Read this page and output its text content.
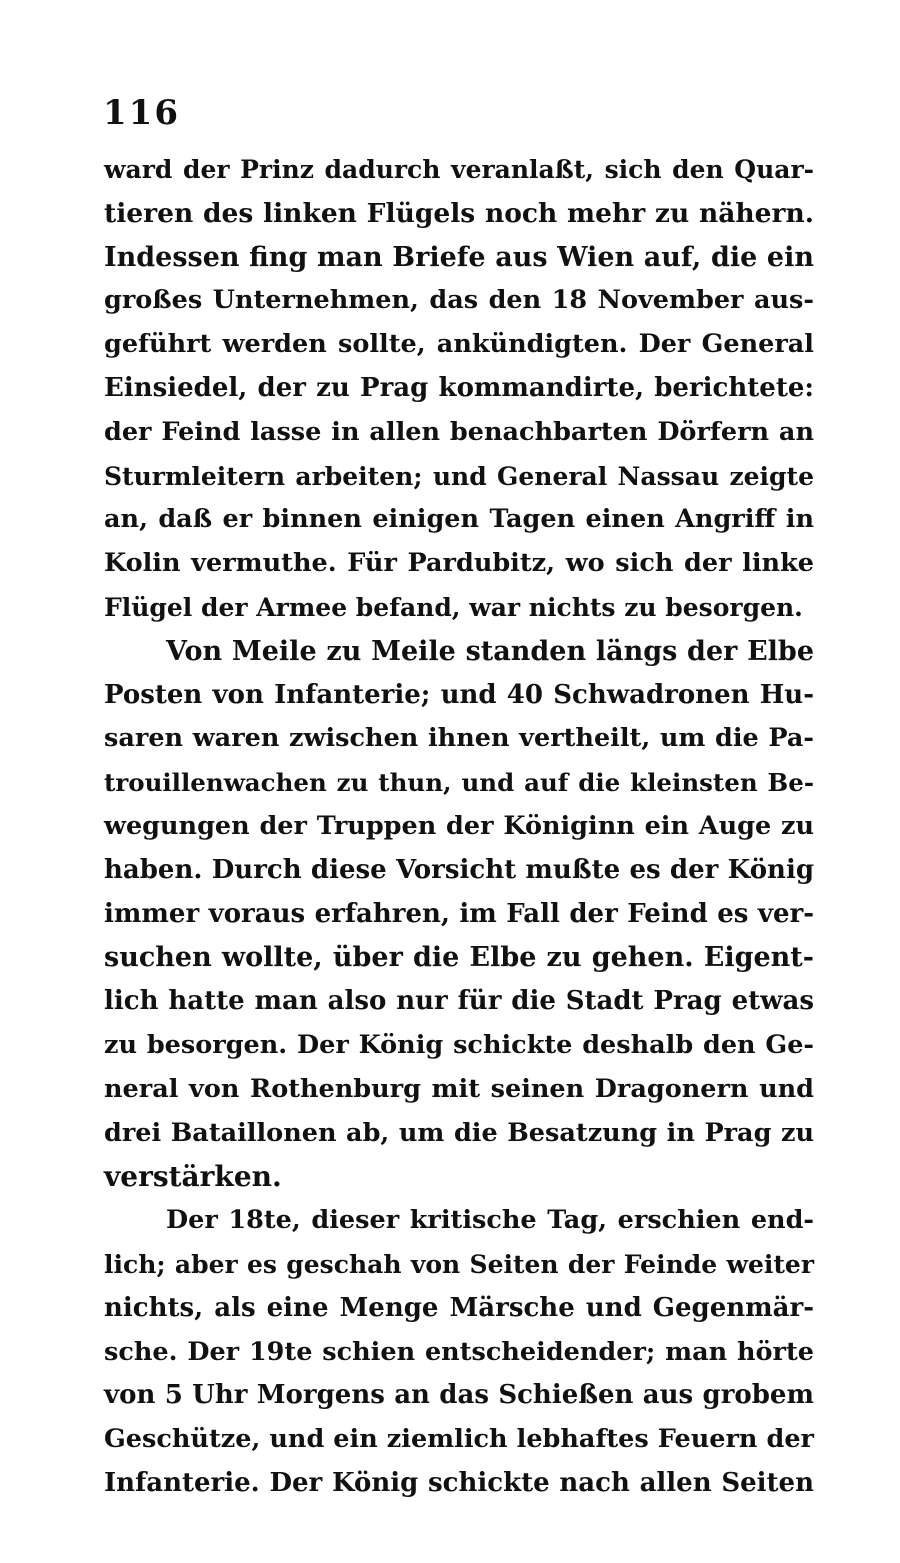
116
ward der Prinz dadurch veranlaßt, sich den Quar-
tieren des linken Flügels noch mehr zu nähern.
Indessen fing man Briefe aus Wien auf, die ein
großes Unternehmen, das den 18 November aus-
geführt werden sollte, ankündigten. Der General
Einsiedel, der zu Prag kommandirte, berichtete:
der Feind lasse in allen benachbarten Dörfern an
Sturmleitern arbeiten; und General Nassau zeigte
an, daß er binnen einigen Tagen einen Angriff in
Kolin vermuthe. Für Pardubitz, wo sich der linke
Flügel der Armee befand, war nichts zu besorgen.
Von Meile zu Meile standen längs der Elbe
Posten von Infanterie; und 40 Schwadronen Hu-
saren waren zwischen ihnen vertheilt, um die Pa-
trouillenwachen zu thun, und auf die kleinsten Be-
wegungen der Truppen der Königinn ein Auge zu
haben. Durch diese Vorsicht mußte es der König
immer voraus erfahren, im Fall der Feind es ver-
suchen wollte, über die Elbe zu gehen. Eigent-
lich hatte man also nur für die Stadt Prag etwas
zu besorgen. Der König schickte deshalb den Ge-
neral von Rothenburg mit seinen Dragonern und
drei Bataillonen ab, um die Besatzung in Prag zu
verstärken.
Der 18te, dieser kritische Tag, erschien end-
lich; aber es geschah von Seiten der Feinde weiter
nichts, als eine Menge Märsche und Gegenmär-
sche. Der 19te schien entscheidender; man hörte
von 5 Uhr Morgens an das Schießen aus grobem
Geschütze, und ein ziemlich lebhaftes Feuern der
Infanterie. Der König schickte nach allen Seiten
